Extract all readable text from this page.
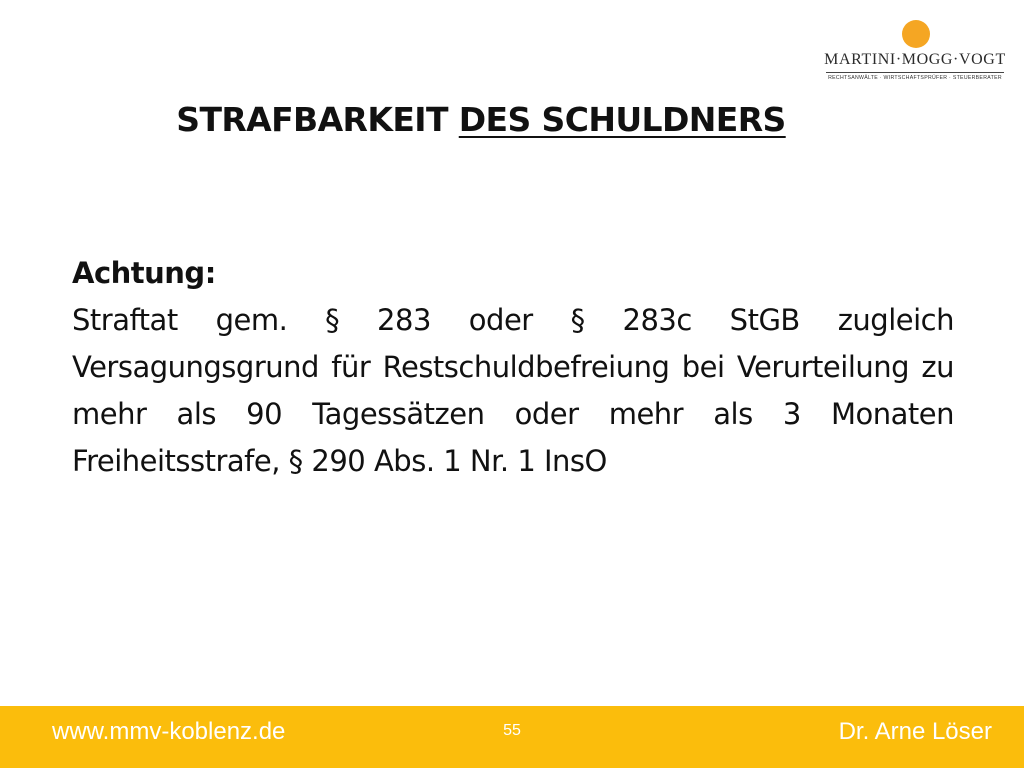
MARTINI·MOGG·VOGT
RECHTSANWÄLTE · WIRTSCHAFTSPRÜFER · STEUERBERATER
STRAFBARKEIT DES SCHULDNERS

Achtung:

Straftat gem. § 283 oder § 283c StGB zugleich Versagungsgrund für Restschuldbefreiung bei Verurteilung zu mehr als 90 Tagessätzen oder mehr als 3 Monaten Freiheitsstrafe, § 290 Abs. 1 Nr. 1 InsO

www.mmv-koblenz.de	55	Dr. Arne Löser
